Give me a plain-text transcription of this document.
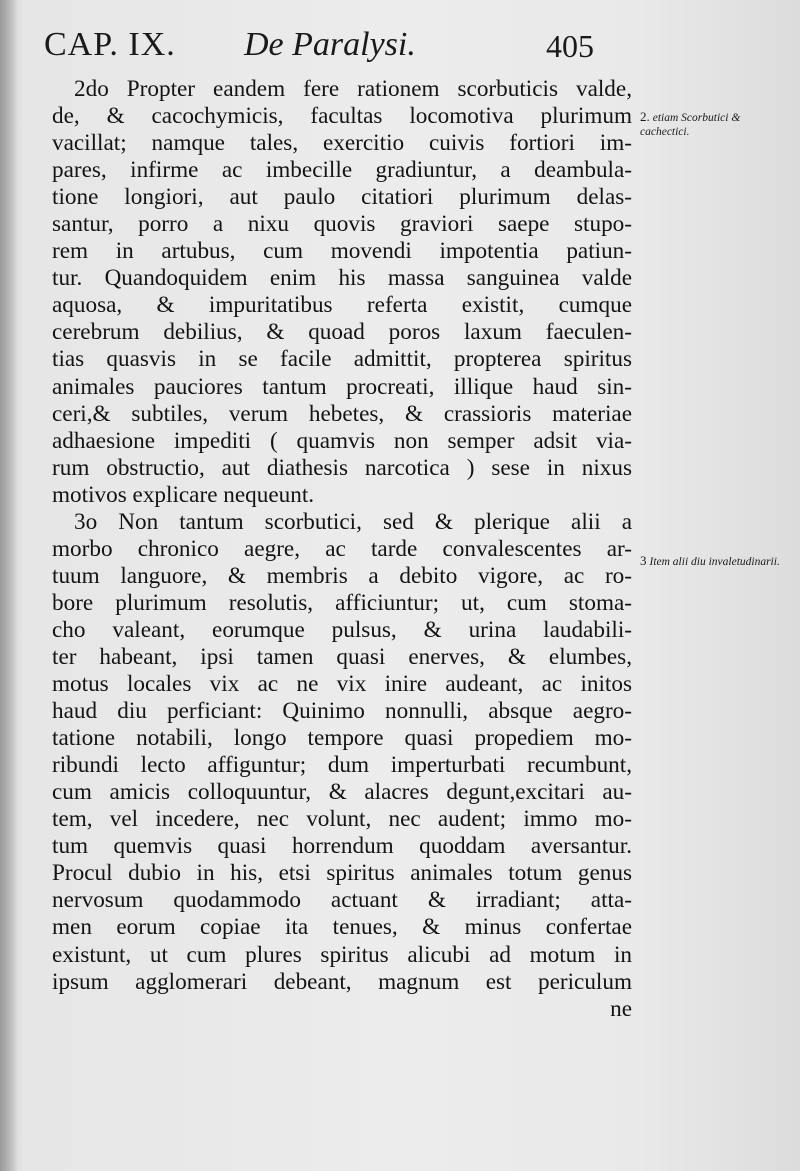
CAP. IX. De Paralysi.	405
2do Propter eandem fere rationem scorbuticis valde,
de, & cacochymicis, facultas locomotiva plurimum
vacillat; namque tales, exercitio cuivis fortiori im-
pares, infirme ac imbecille gradiuntur, a deambula-
tione longiori, aut paulo citatiori plurimum delas-
santur, porro a nixu quovis graviori saepe stupo-
rem in artubus, cum movendi impotentia patiun-
tur. Quandoquidem enim his massa sanguinea valde
aquosa, & impuritatibus referta existit, cumque
cerebrum debilius, & quoad poros laxum faeculen-
tias quasvis in se facile admittit, propterea spiritus
animales pauciores tantum procreati, illique haud sin-
ceri,& subtiles, verum hebetes, & crassioris materiae
adhaesione impediti ( quamvis non semper adsit via-
rum obstructio, aut diathesis narcotica ) sese in nixus
motivos explicare nequeunt.
3o Non tantum scorbutici, sed & plerique alii a
morbo chronico aegre, ac tarde convalescentes ar-
tuum languore, & membris a debito vigore, ac ro-
bore plurimum resolutis, afficiuntur; ut, cum stoma-
cho valeant, eorumque pulsus, & urina laudabili-
ter habeant, ipsi tamen quasi enerves, & elumbes,
motus locales vix ac ne vix inire audeant, ac initos
haud diu perficiant: Quinimo nonnulli, absque aegro-
tatione notabili, longo tempore quasi propediem mo-
ribundi lecto affiguntur; dum imperturbati recumbunt,
cum amicis colloquuntur, & alacres degunt,excitari au-
tem, vel incedere, nec volunt, nec audent; immo mo-
tum quemvis quasi horrendum quoddam aversantur.
Procul dubio in his, etsi spiritus animales totum genus
nervosum quodammodo actuant & irradiant; atta-
men eorum copiae ita tenues, & minus confertae
existunt, ut cum plures spiritus alicubi ad motum in
ipsum agglomerari debeant, magnum est periculum
ne
2. etiam Scorbutici & cachectici.
3 Item alii diu invaletudinarii.
